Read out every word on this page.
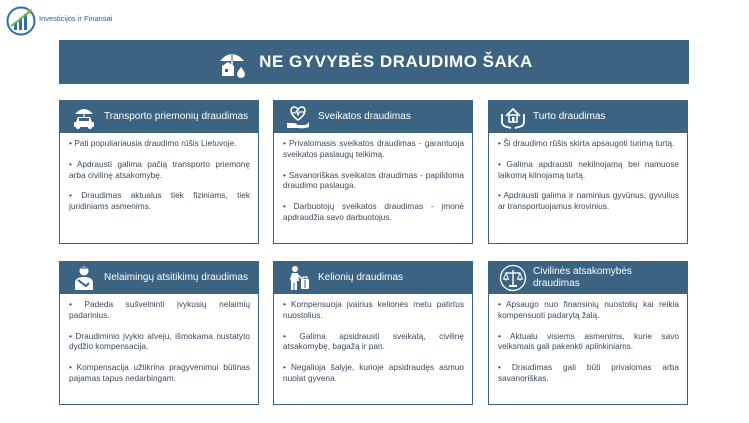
Investicijos ir Finansai
NE GYVYBĖS DRAUDIMO ŠAKA
Transporto priemonių draudimas

• Pati populiariausia draudimo rūšis Lietuvoje.

• Apdrausti galima pačią transporto priemonę arba civilinę atsakomybę.

• Draudimas aktualus tiek fiziniams, tiek juridiniams asmenims.

Sveikatos draudimas

• Privalomasis sveikatos draudimas - garantuoja sveikatos paslaugų teikimą.

• Savanoriškas sveikatos draudimas - papildoma draudimo paslauga.

• Darbuotojų sveikatos draudimas - įmonė apdraudžia savo darbuotojus.

Turto draudimas

• Ši draudimo rūšis skirta apsaugoti turimą turtą.

• Galima apdrausti nekilnojamą bei namuose laikomą kilnojamą turtą.

• Apdrausti galima ir naminius gyvūnus, gyvulius ar transportuojamus krovinius.

Nelaimingų atsitikimų draudimas

• Padeda sušvelninti įvykusių nelaimių padarinius.

• Draudiminio įvykio atveju, išmokama nustatyto dydžio kompensacija.

• Kompensacija užtikrina pragyvenimui būtinas pajamas tapus nedarbingam.

Kelionių draudimas

• Kompensuoja įvairius kelionės metu patirtus nuostolius.

• Galima apsidrausti sveikatą, civilinę atsakomybę, bagažą ir pan.

• Negalioja šalyje, kurioje apsidraudęs asmuo nuolat gyvena.

Civilinės atsakomybės draudimas

• Apsaugo nuo finansinių nuostolių kai reikia kompensuoti padarytą žalą.

• Aktualu visiems asmenims, kurie savo veiksmais gali pakenkti aplinkiniams.

• Draudimas gali būti privalomas arba savanoriškas.
